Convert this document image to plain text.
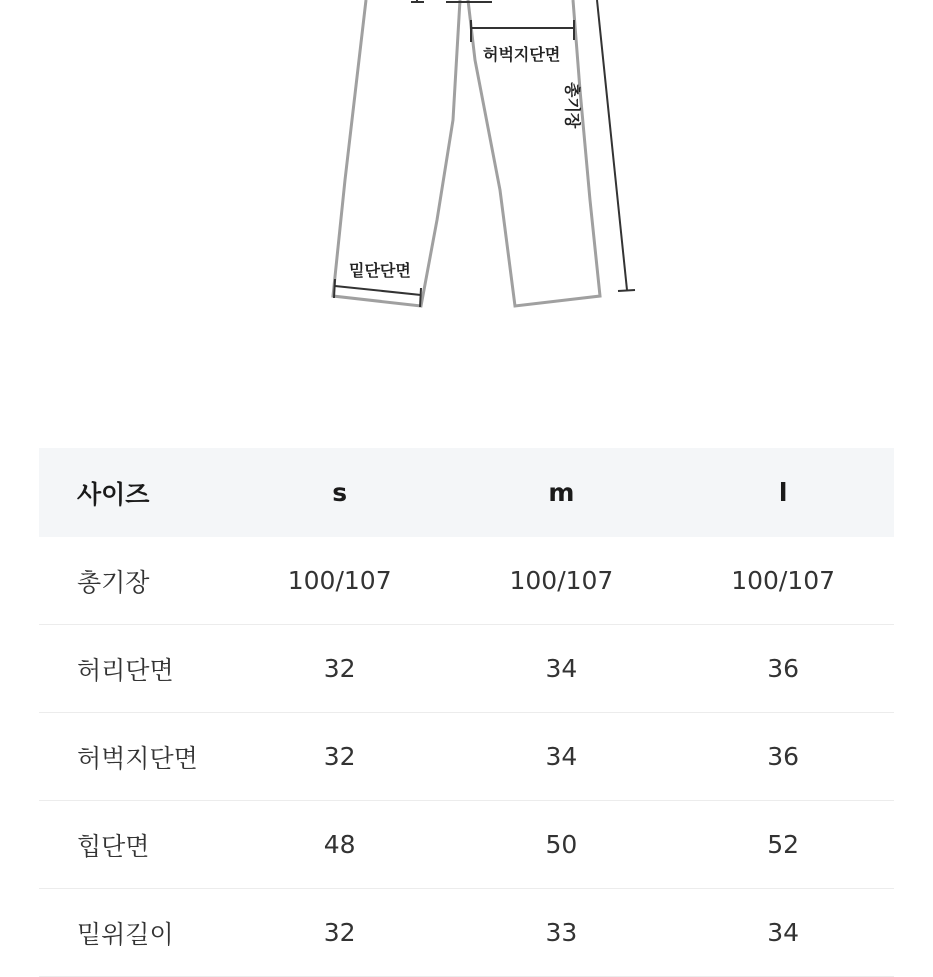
허벅지단면
밑단단면
총기장
사이즈	s	m	l
총기장	100/107	100/107	100/107
허리단면	32	34	36
허벅지단면	32	34	36
힙단면	48	50	52
밑위길이	32	33	34
